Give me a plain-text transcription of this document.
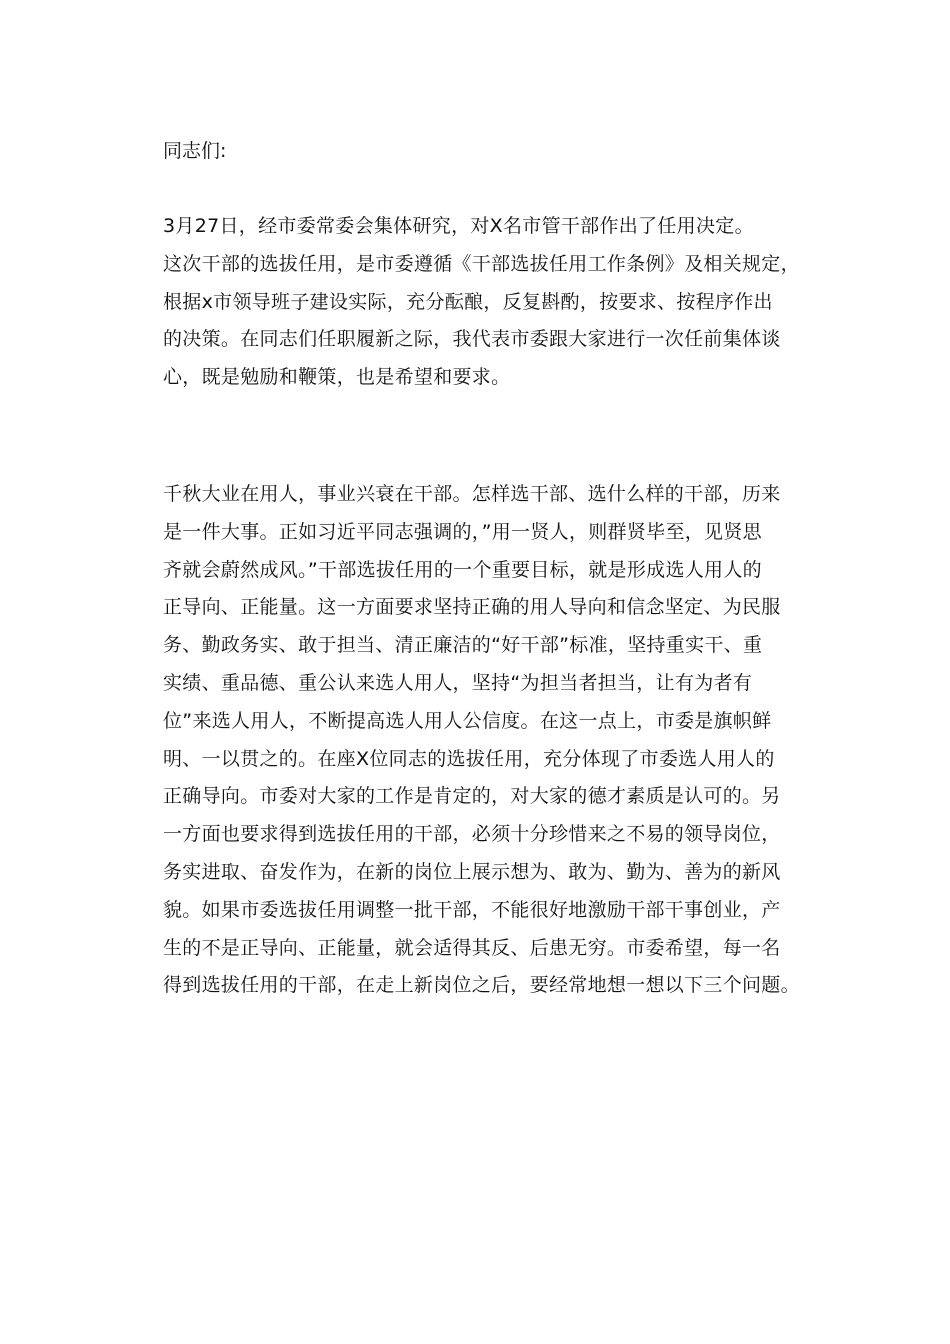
同志们:
3月27日，经市委常委会集体研究，对X名市管干部作出了任用决定。
这次干部的选拔任用，是市委遵循《干部选拔任用工作条例》及相关规定，
根据x市领导班子建设实际，充分酝酿，反复斟酌，按要求、按程序作出
的决策。在同志们任职履新之际，我代表市委跟大家进行一次任前集体谈
心，既是勉励和鞭策，也是希望和要求。
千秋大业在用人，事业兴衰在干部。怎样选干部、选什么样的干部，历来
是一件大事。正如习近平同志强调的，”用一贤人，则群贤毕至，见贤思
齐就会蔚然成风。”干部选拔任用的一个重要目标，就是形成选人用人的
正导向、正能量。这一方面要求坚持正确的用人导向和信念坚定、为民服
务、勤政务实、敢于担当、清正廉洁的“好干部”标准，坚持重实干、重
实绩、重品德、重公认来选人用人，坚持“为担当者担当，让有为者有
位”来选人用人，不断提高选人用人公信度。在这一点上，市委是旗帜鲜
明、一以贯之的。在座X位同志的选拔任用，充分体现了市委选人用人的
正确导向。市委对大家的工作是肯定的，对大家的德才素质是认可的。另
一方面也要求得到选拔任用的干部，必须十分珍惜来之不易的领导岗位，
务实进取、奋发作为，在新的岗位上展示想为、敢为、勤为、善为的新风
貌。如果市委选拔任用调整一批干部，不能很好地激励干部干事创业，产
生的不是正导向、正能量，就会适得其反、后患无穷。市委希望，每一名
得到选拔任用的干部，在走上新岗位之后，要经常地想一想以下三个问题。
